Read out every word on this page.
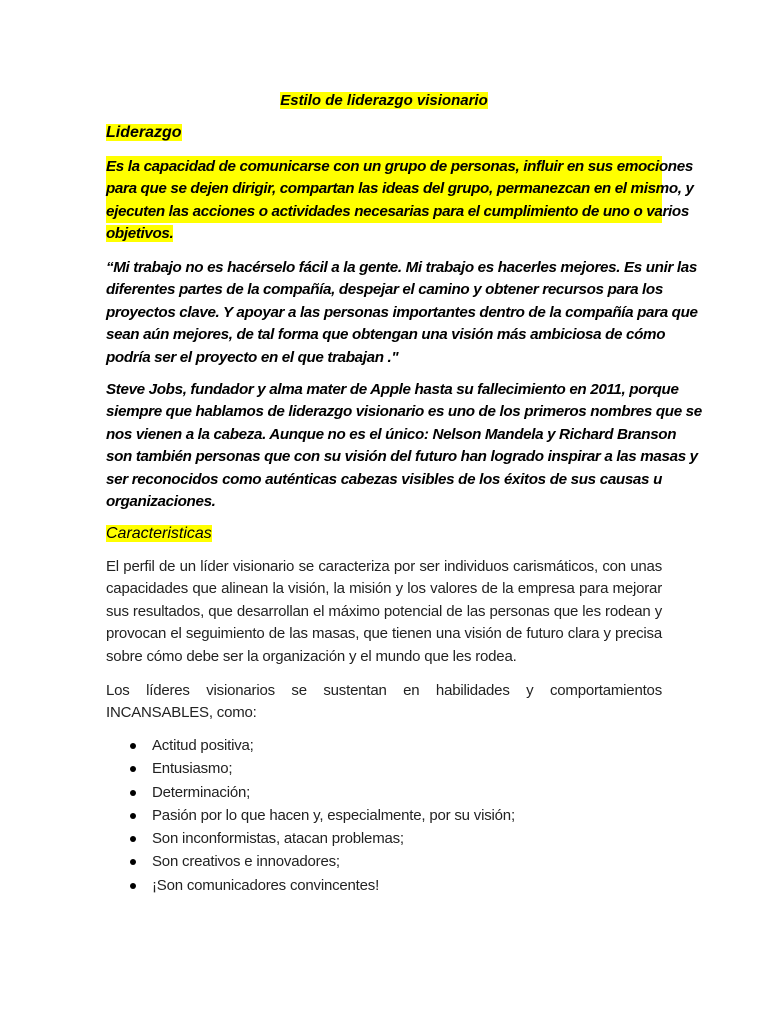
Estilo de liderazgo visionario
Liderazgo
Es la capacidad de comunicarse con un grupo de personas, influir en sus emociones
para que se dejen dirigir, compartan las ideas del grupo, permanezcan en el mismo, y
ejecuten las acciones o actividades necesarias para el cumplimiento de uno o varios
objetivos.
“Mi trabajo no es hacérselo fácil a la gente. Mi trabajo es hacerles mejores. Es unir las
diferentes partes de la compañía, despejar el camino y obtener recursos para los
proyectos clave. Y apoyar a las personas importantes dentro de la compañía para que
sean aún mejores, de tal forma que obtengan una visión más ambiciosa de cómo
podría ser el proyecto en el que trabajan ."
Steve Jobs, fundador y alma mater de Apple hasta su fallecimiento en 2011, porque
siempre que hablamos de liderazgo visionario es uno de los primeros nombres que se
nos vienen a la cabeza. Aunque no es el único: Nelson Mandela y Richard Branson
son también personas que con su visión del futuro han logrado inspirar a las masas y
ser reconocidos como auténticas cabezas visibles de los éxitos de sus causas u
organizaciones.
Caracteristicas
El perfil de un líder visionario se caracteriza por ser individuos carismáticos, con unas
capacidades que alinean la visión, la misión y los valores de la empresa para mejorar
sus resultados, que desarrollan el máximo potencial de las personas que les rodean y
provocan el seguimiento de las masas, que tienen una visión de futuro clara y precisa
sobre cómo debe ser la organización y el mundo que les rodea.
Los líderes visionarios se sustentan en habilidades y comportamientos
INCANSABLES, como:
Actitud positiva;
Entusiasmo;
Determinación;
Pasión por lo que hacen y, especialmente, por su visión;
Son inconformistas, atacan problemas;
Son creativos e innovadores;
¡Son comunicadores convincentes!
